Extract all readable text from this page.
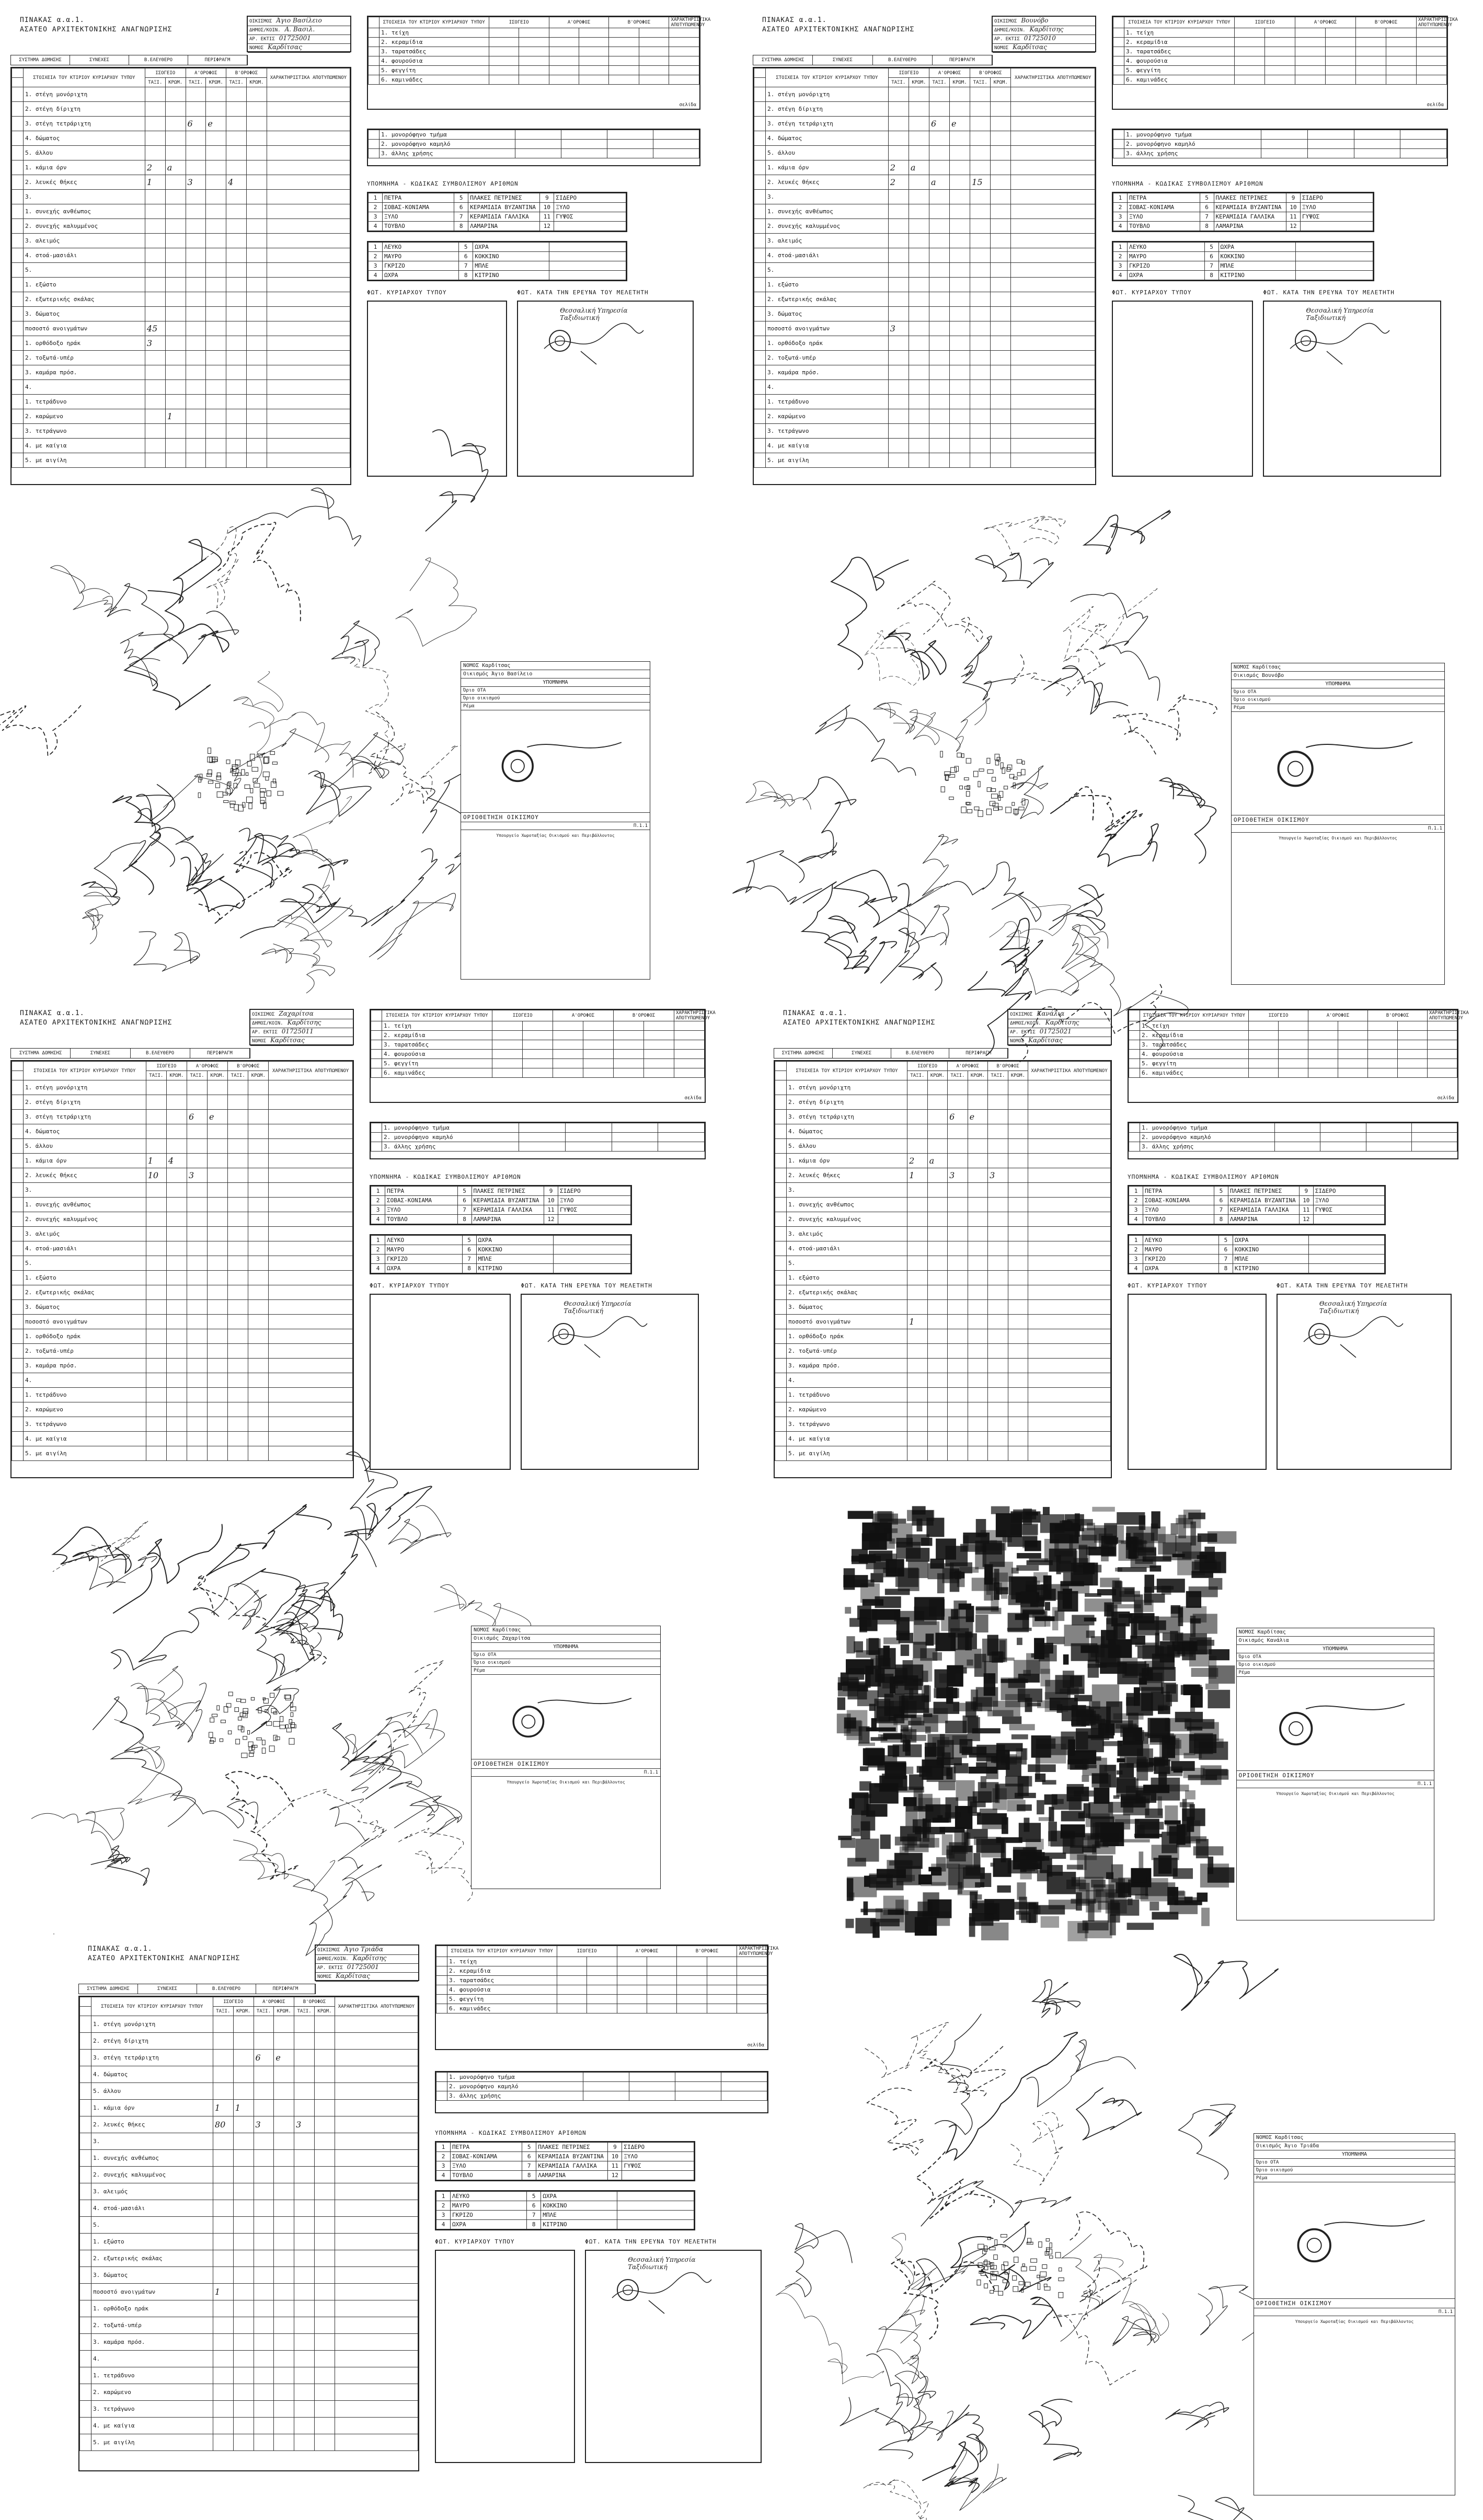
ΠΙΝΑΚΑΣ α.α.1.
ΑΣΑΤΕΟ ΑΡΧΙΤΕΚΤΟΝΙΚΗΣ ΑΝΑΓΝΩΡΙΣΗΣ
ΟΙΚΙΣΜΟΣ Άγιο Βασίλειο
ΔΗΜΟΣ/ΚΟΙΝ. Α. Βασιλ.
ΑΡ. ΕΚΤΙΣ 01725001
ΝΟΜΟΣ Καρδίτσας
ΣΥΣΤΗΜΑ ΔΟΜΗΣΗΣ	ΣΥΝΕΧΕΣ	Β.ΕΛΕΥΘΕΡΟ	ΠΕΡΙΦΡΑΓΜ
	ΣΤΟΙΧΕΙΑ ΤΟΥ ΚΤΙΡΙΟΥ ΚΥΡΙΑΡΧΟΥ ΤΥΠΟΥ	ΙΣΟΓΕΙΟ		Α'ΟΡΟΦΟΣ		Β'ΟΡΟΦΟΣ		ΧΑΡΑΚΤΗΡΙΣΤΙΚΑ ΑΠΟΤΥΠΩΜΕΝΟΥ
		ΤΑΞΙ.	ΚΡΩΜ.	ΤΑΞΙ.	ΚΡΩΜ.	ΤΑΞΙ.	ΚΡΩΜ.	
	1. στέγη μονόριχτη							
	2. στέγη δίριχτη							
	3. στέγη τετράριχτη			6	e			
	4. δώματος							
	5. άλλου							
	1. κάμια όρν	2	a					
	2. λευκές θήκες	1		3		4		
	3.							
	1. συνεχής ανθέωπος							
	2. συνεχής καλυμμένος							
	3. αλειμός							
	4. στοά-μασιάλι							
	5.							
	1. εξώστο							
	2. εξωτερικής σκάλας							
	3. δώματος							
	ποσοστό ανοιγμάτων	45						
	1. ορθόδοξο ηράκ	3						
	2. τοξωτά-υπέρ							
	3. καμάρα πρόσ.							
	4.							
	1. τετράδυνο							
	2. καρώμενο		1					
	3. τετράγωνο							
	4. με καίγια							
	5. με αιγίλη							
	ΣΤΟΙΧΕΙΑ ΤΟΥ ΚΤΙΡΙΟΥ ΚΥΡΙΑΡΧΟΥ ΤΥΠΟΥ	ΙΣΟΓΕΙΟ		Α'ΟΡΟΦΟΣ		Β'ΟΡΟΦΟΣ		ΧΑΡΑΚΤΗΡΙΣΤΙΚΑ ΑΠΟΤΥΠΩΜΕΝΟΥ
	1. τείχη							
	2. κεραμίδια							
	3. ταρατσάδες							
	4. φουρούσια							
	5. φεγγίτη							
	6. καμινάδες							
σελίδα
	1. μονορόφηνο τμήμα				
	2. μονορόφηνο καμηλό				
	3. άλλης χρήσης				
ΥΠΟΜΝΗΜΑ - ΚΩΔΙΚΑΣ ΣΥΜΒΟΛΙΣΜΟΥ ΑΡΙΘΜΩΝ
1	ΠΕΤΡΑ	5	ΠΛΑΚΕΣ ΠΕΤΡΙΝΕΣ	9	ΣΙΔΕΡΟ
2	ΣΟΒΑΣ-ΚΟΝΙΑΜΑ	6	ΚΕΡΑΜΙΔΙΑ ΒΥΖΑΝΤΙΝΑ	10	ΞΥΛΟ
3	ΞΥΛΟ	7	ΚΕΡΑΜΙΔΙΑ ΓΑΛΛΙΚΑ	11	ΓΥΨΟΣ
4	ΤΟΥΒΛΟ	8	ΛΑΜΑΡΙΝΑ	12	
1	ΛΕΥΚΟ	5	ΩΧΡΑ	
2	ΜΑΥΡΟ	6	ΚΟΚΚΙΝΟ	
3	ΓΚΡΙΖΟ	7	ΜΠΛΕ	
4	ΩΧΡΑ	8	ΚΙΤΡΙΝΟ	
ΦΩΤ. ΚΥΡΙΑΡΧΟΥ ΤΥΠΟΥ	ΦΩΤ. ΚΑΤΑ ΤΗΝ ΕΡΕΥΝΑ ΤΟΥ ΜΕΛΕΤΗΤΗ
Θεσσαλική Υπηρεσία Ταξιδιωτική
ΠΙΝΑΚΑΣ α.α.1.
ΑΣΑΤΕΟ ΑΡΧΙΤΕΚΤΟΝΙΚΗΣ ΑΝΑΓΝΩΡΙΣΗΣ
ΟΙΚΙΣΜΟΣ Βουνόβο
ΔΗΜΟΣ/ΚΟΙΝ. Καρδίτσης
ΑΡ. ΕΚΤΙΣ 01725010
ΝΟΜΟΣ Καρδίτσας
ΣΥΣΤΗΜΑ ΔΟΜΗΣΗΣ	ΣΥΝΕΧΕΣ	Β.ΕΛΕΥΘΕΡΟ	ΠΕΡΙΦΡΑΓΜ
	ΣΤΟΙΧΕΙΑ ΤΟΥ ΚΤΙΡΙΟΥ ΚΥΡΙΑΡΧΟΥ ΤΥΠΟΥ	ΙΣΟΓΕΙΟ		Α'ΟΡΟΦΟΣ		Β'ΟΡΟΦΟΣ		ΧΑΡΑΚΤΗΡΙΣΤΙΚΑ ΑΠΟΤΥΠΩΜΕΝΟΥ
		ΤΑΞΙ.	ΚΡΩΜ.	ΤΑΞΙ.	ΚΡΩΜ.	ΤΑΞΙ.	ΚΡΩΜ.	
	1. στέγη μονόριχτη							
	2. στέγη δίριχτη							
	3. στέγη τετράριχτη			6	e			
	4. δώματος							
	5. άλλου							
	1. κάμια όρν	2	a					
	2. λευκές θήκες	2		a		15		
	3.							
	1. συνεχής ανθέωπος							
	2. συνεχής καλυμμένος							
	3. αλειμός							
	4. στοά-μασιάλι							
	5.							
	1. εξώστο							
	2. εξωτερικής σκάλας							
	3. δώματος							
	ποσοστό ανοιγμάτων	3						
	1. ορθόδοξο ηράκ							
	2. τοξωτά-υπέρ							
	3. καμάρα πρόσ.							
	4.							
	1. τετράδυνο							
	2. καρώμενο							
	3. τετράγωνο							
	4. με καίγια							
	5. με αιγίλη							
	ΣΤΟΙΧΕΙΑ ΤΟΥ ΚΤΙΡΙΟΥ ΚΥΡΙΑΡΧΟΥ ΤΥΠΟΥ	ΙΣΟΓΕΙΟ		Α'ΟΡΟΦΟΣ		Β'ΟΡΟΦΟΣ		ΧΑΡΑΚΤΗΡΙΣΤΙΚΑ ΑΠΟΤΥΠΩΜΕΝΟΥ
	1. τείχη							
	2. κεραμίδια							
	3. ταρατσάδες							
	4. φουρούσια							
	5. φεγγίτη							
	6. καμινάδες							
σελίδα
	1. μονορόφηνο τμήμα				
	2. μονορόφηνο καμηλό				
	3. άλλης χρήσης				
ΥΠΟΜΝΗΜΑ - ΚΩΔΙΚΑΣ ΣΥΜΒΟΛΙΣΜΟΥ ΑΡΙΘΜΩΝ
1	ΠΕΤΡΑ	5	ΠΛΑΚΕΣ ΠΕΤΡΙΝΕΣ	9	ΣΙΔΕΡΟ
2	ΣΟΒΑΣ-ΚΟΝΙΑΜΑ	6	ΚΕΡΑΜΙΔΙΑ ΒΥΖΑΝΤΙΝΑ	10	ΞΥΛΟ
3	ΞΥΛΟ	7	ΚΕΡΑΜΙΔΙΑ ΓΑΛΛΙΚΑ	11	ΓΥΨΟΣ
4	ΤΟΥΒΛΟ	8	ΛΑΜΑΡΙΝΑ	12	
1	ΛΕΥΚΟ	5	ΩΧΡΑ	
2	ΜΑΥΡΟ	6	ΚΟΚΚΙΝΟ	
3	ΓΚΡΙΖΟ	7	ΜΠΛΕ	
4	ΩΧΡΑ	8	ΚΙΤΡΙΝΟ	
ΦΩΤ. ΚΥΡΙΑΡΧΟΥ ΤΥΠΟΥ	ΦΩΤ. ΚΑΤΑ ΤΗΝ ΕΡΕΥΝΑ ΤΟΥ ΜΕΛΕΤΗΤΗ
Θεσσαλική Υπηρεσία Ταξιδιωτική
ΠΙΝΑΚΑΣ α.α.1.
ΑΣΑΤΕΟ ΑΡΧΙΤΕΚΤΟΝΙΚΗΣ ΑΝΑΓΝΩΡΙΣΗΣ
ΟΙΚΙΣΜΟΣ Ζαχαρίτσα
ΔΗΜΟΣ/ΚΟΙΝ. Καρδίτσης
ΑΡ. ΕΚΤΙΣ 01725011
ΝΟΜΟΣ Καρδίτσας
ΣΥΣΤΗΜΑ ΔΟΜΗΣΗΣ	ΣΥΝΕΧΕΣ	Β.ΕΛΕΥΘΕΡΟ	ΠΕΡΙΦΡΑΓΜ
	ΣΤΟΙΧΕΙΑ ΤΟΥ ΚΤΙΡΙΟΥ ΚΥΡΙΑΡΧΟΥ ΤΥΠΟΥ	ΙΣΟΓΕΙΟ		Α'ΟΡΟΦΟΣ		Β'ΟΡΟΦΟΣ		ΧΑΡΑΚΤΗΡΙΣΤΙΚΑ ΑΠΟΤΥΠΩΜΕΝΟΥ
		ΤΑΞΙ.	ΚΡΩΜ.	ΤΑΞΙ.	ΚΡΩΜ.	ΤΑΞΙ.	ΚΡΩΜ.	
	1. στέγη μονόριχτη							
	2. στέγη δίριχτη							
	3. στέγη τετράριχτη			6	e			
	4. δώματος							
	5. άλλου							
	1. κάμια όρν	1	4					
	2. λευκές θήκες	10		3				
	3.							
	1. συνεχής ανθέωπος							
	2. συνεχής καλυμμένος							
	3. αλειμός							
	4. στοά-μασιάλι							
	5.							
	1. εξώστο							
	2. εξωτερικής σκάλας							
	3. δώματος							
	ποσοστό ανοιγμάτων							
	1. ορθόδοξο ηράκ							
	2. τοξωτά-υπέρ							
	3. καμάρα πρόσ.							
	4.							
	1. τετράδυνο							
	2. καρώμενο							
	3. τετράγωνο							
	4. με καίγια							
	5. με αιγίλη							
	ΣΤΟΙΧΕΙΑ ΤΟΥ ΚΤΙΡΙΟΥ ΚΥΡΙΑΡΧΟΥ ΤΥΠΟΥ	ΙΣΟΓΕΙΟ		Α'ΟΡΟΦΟΣ		Β'ΟΡΟΦΟΣ		ΧΑΡΑΚΤΗΡΙΣΤΙΚΑ ΑΠΟΤΥΠΩΜΕΝΟΥ
	1. τείχη							
	2. κεραμίδια							
	3. ταρατσάδες							
	4. φουρούσια							
	5. φεγγίτη							
	6. καμινάδες							
σελίδα
	1. μονορόφηνο τμήμα				
	2. μονορόφηνο καμηλό				
	3. άλλης χρήσης				
ΥΠΟΜΝΗΜΑ - ΚΩΔΙΚΑΣ ΣΥΜΒΟΛΙΣΜΟΥ ΑΡΙΘΜΩΝ
1	ΠΕΤΡΑ	5	ΠΛΑΚΕΣ ΠΕΤΡΙΝΕΣ	9	ΣΙΔΕΡΟ
2	ΣΟΒΑΣ-ΚΟΝΙΑΜΑ	6	ΚΕΡΑΜΙΔΙΑ ΒΥΖΑΝΤΙΝΑ	10	ΞΥΛΟ
3	ΞΥΛΟ	7	ΚΕΡΑΜΙΔΙΑ ΓΑΛΛΙΚΑ	11	ΓΥΨΟΣ
4	ΤΟΥΒΛΟ	8	ΛΑΜΑΡΙΝΑ	12	
1	ΛΕΥΚΟ	5	ΩΧΡΑ	
2	ΜΑΥΡΟ	6	ΚΟΚΚΙΝΟ	
3	ΓΚΡΙΖΟ	7	ΜΠΛΕ	
4	ΩΧΡΑ	8	ΚΙΤΡΙΝΟ	
ΦΩΤ. ΚΥΡΙΑΡΧΟΥ ΤΥΠΟΥ	ΦΩΤ. ΚΑΤΑ ΤΗΝ ΕΡΕΥΝΑ ΤΟΥ ΜΕΛΕΤΗΤΗ
Θεσσαλική Υπηρεσία Ταξιδιωτική
ΠΙΝΑΚΑΣ α.α.1.
ΑΣΑΤΕΟ ΑΡΧΙΤΕΚΤΟΝΙΚΗΣ ΑΝΑΓΝΩΡΙΣΗΣ
ΟΙΚΙΣΜΟΣ Κανάλια
ΔΗΜΟΣ/ΚΟΙΝ. Καρδίτσης
ΑΡ. ΕΚΤΙΣ 01725021
ΝΟΜΟΣ Καρδίτσας
ΣΥΣΤΗΜΑ ΔΟΜΗΣΗΣ	ΣΥΝΕΧΕΣ	Β.ΕΛΕΥΘΕΡΟ	ΠΕΡΙΦΡΑΓΜ
	ΣΤΟΙΧΕΙΑ ΤΟΥ ΚΤΙΡΙΟΥ ΚΥΡΙΑΡΧΟΥ ΤΥΠΟΥ	ΙΣΟΓΕΙΟ		Α'ΟΡΟΦΟΣ		Β'ΟΡΟΦΟΣ		ΧΑΡΑΚΤΗΡΙΣΤΙΚΑ ΑΠΟΤΥΠΩΜΕΝΟΥ
		ΤΑΞΙ.	ΚΡΩΜ.	ΤΑΞΙ.	ΚΡΩΜ.	ΤΑΞΙ.	ΚΡΩΜ.	
	1. στέγη μονόριχτη							
	2. στέγη δίριχτη							
	3. στέγη τετράριχτη			6	e			
	4. δώματος							
	5. άλλου							
	1. κάμια όρν	2	a					
	2. λευκές θήκες	1		3		3		
	3.							
	1. συνεχής ανθέωπος							
	2. συνεχής καλυμμένος							
	3. αλειμός							
	4. στοά-μασιάλι							
	5.							
	1. εξώστο							
	2. εξωτερικής σκάλας							
	3. δώματος							
	ποσοστό ανοιγμάτων	1						
	1. ορθόδοξο ηράκ							
	2. τοξωτά-υπέρ							
	3. καμάρα πρόσ.							
	4.							
	1. τετράδυνο							
	2. καρώμενο							
	3. τετράγωνο							
	4. με καίγια							
	5. με αιγίλη							
	ΣΤΟΙΧΕΙΑ ΤΟΥ ΚΤΙΡΙΟΥ ΚΥΡΙΑΡΧΟΥ ΤΥΠΟΥ	ΙΣΟΓΕΙΟ		Α'ΟΡΟΦΟΣ		Β'ΟΡΟΦΟΣ		ΧΑΡΑΚΤΗΡΙΣΤΙΚΑ ΑΠΟΤΥΠΩΜΕΝΟΥ
	1. τείχη							
	2. κεραμίδια							
	3. ταρατσάδες							
	4. φουρούσια							
	5. φεγγίτη							
	6. καμινάδες							
σελίδα
	1. μονορόφηνο τμήμα				
	2. μονορόφηνο καμηλό				
	3. άλλης χρήσης				
ΥΠΟΜΝΗΜΑ - ΚΩΔΙΚΑΣ ΣΥΜΒΟΛΙΣΜΟΥ ΑΡΙΘΜΩΝ
1	ΠΕΤΡΑ	5	ΠΛΑΚΕΣ ΠΕΤΡΙΝΕΣ	9	ΣΙΔΕΡΟ
2	ΣΟΒΑΣ-ΚΟΝΙΑΜΑ	6	ΚΕΡΑΜΙΔΙΑ ΒΥΖΑΝΤΙΝΑ	10	ΞΥΛΟ
3	ΞΥΛΟ	7	ΚΕΡΑΜΙΔΙΑ ΓΑΛΛΙΚΑ	11	ΓΥΨΟΣ
4	ΤΟΥΒΛΟ	8	ΛΑΜΑΡΙΝΑ	12	
1	ΛΕΥΚΟ	5	ΩΧΡΑ	
2	ΜΑΥΡΟ	6	ΚΟΚΚΙΝΟ	
3	ΓΚΡΙΖΟ	7	ΜΠΛΕ	
4	ΩΧΡΑ	8	ΚΙΤΡΙΝΟ	
ΦΩΤ. ΚΥΡΙΑΡΧΟΥ ΤΥΠΟΥ	ΦΩΤ. ΚΑΤΑ ΤΗΝ ΕΡΕΥΝΑ ΤΟΥ ΜΕΛΕΤΗΤΗ
Θεσσαλική Υπηρεσία Ταξιδιωτική
ΠΙΝΑΚΑΣ α.α.1.
ΑΣΑΤΕΟ ΑΡΧΙΤΕΚΤΟΝΙΚΗΣ ΑΝΑΓΝΩΡΙΣΗΣ
ΟΙΚΙΣΜΟΣ Άγιο Τριάδα
ΔΗΜΟΣ/ΚΟΙΝ. Καρδίτσης
ΑΡ. ΕΚΤΙΣ 01725001
ΝΟΜΟΣ Καρδίτσας
ΣΥΣΤΗΜΑ ΔΟΜΗΣΗΣ	ΣΥΝΕΧΕΣ	Β.ΕΛΕΥΘΕΡΟ	ΠΕΡΙΦΡΑΓΜ
	ΣΤΟΙΧΕΙΑ ΤΟΥ ΚΤΙΡΙΟΥ ΚΥΡΙΑΡΧΟΥ ΤΥΠΟΥ	ΙΣΟΓΕΙΟ		Α'ΟΡΟΦΟΣ		Β'ΟΡΟΦΟΣ		ΧΑΡΑΚΤΗΡΙΣΤΙΚΑ ΑΠΟΤΥΠΩΜΕΝΟΥ
		ΤΑΞΙ.	ΚΡΩΜ.	ΤΑΞΙ.	ΚΡΩΜ.	ΤΑΞΙ.	ΚΡΩΜ.	
	1. στέγη μονόριχτη							
	2. στέγη δίριχτη							
	3. στέγη τετράριχτη			6	e			
	4. δώματος							
	5. άλλου							
	1. κάμια όρν	1	1					
	2. λευκές θήκες	80		3		3		
	3.							
	1. συνεχής ανθέωπος							
	2. συνεχής καλυμμένος							
	3. αλειμός							
	4. στοά-μασιάλι							
	5.							
	1. εξώστο							
	2. εξωτερικής σκάλας							
	3. δώματος							
	ποσοστό ανοιγμάτων	1						
	1. ορθόδοξο ηράκ							
	2. τοξωτά-υπέρ							
	3. καμάρα πρόσ.							
	4.							
	1. τετράδυνο							
	2. καρώμενο							
	3. τετράγωνο							
	4. με καίγια							
	5. με αιγίλη							
	ΣΤΟΙΧΕΙΑ ΤΟΥ ΚΤΙΡΙΟΥ ΚΥΡΙΑΡΧΟΥ ΤΥΠΟΥ	ΙΣΟΓΕΙΟ		Α'ΟΡΟΦΟΣ		Β'ΟΡΟΦΟΣ		ΧΑΡΑΚΤΗΡΙΣΤΙΚΑ ΑΠΟΤΥΠΩΜΕΝΟΥ
	1. τείχη							
	2. κεραμίδια							
	3. ταρατσάδες							
	4. φουρούσια							
	5. φεγγίτη							
	6. καμινάδες							
σελίδα
	1. μονορόφηνο τμήμα				
	2. μονορόφηνο καμηλό				
	3. άλλης χρήσης				
ΥΠΟΜΝΗΜΑ - ΚΩΔΙΚΑΣ ΣΥΜΒΟΛΙΣΜΟΥ ΑΡΙΘΜΩΝ
1	ΠΕΤΡΑ	5	ΠΛΑΚΕΣ ΠΕΤΡΙΝΕΣ	9	ΣΙΔΕΡΟ
2	ΣΟΒΑΣ-ΚΟΝΙΑΜΑ	6	ΚΕΡΑΜΙΔΙΑ ΒΥΖΑΝΤΙΝΑ	10	ΞΥΛΟ
3	ΞΥΛΟ	7	ΚΕΡΑΜΙΔΙΑ ΓΑΛΛΙΚΑ	11	ΓΥΨΟΣ
4	ΤΟΥΒΛΟ	8	ΛΑΜΑΡΙΝΑ	12	
1	ΛΕΥΚΟ	5	ΩΧΡΑ	
2	ΜΑΥΡΟ	6	ΚΟΚΚΙΝΟ	
3	ΓΚΡΙΖΟ	7	ΜΠΛΕ	
4	ΩΧΡΑ	8	ΚΙΤΡΙΝΟ	
ΦΩΤ. ΚΥΡΙΑΡΧΟΥ ΤΥΠΟΥ	ΦΩΤ. ΚΑΤΑ ΤΗΝ ΕΡΕΥΝΑ ΤΟΥ ΜΕΛΕΤΗΤΗ
Θεσσαλική Υπηρεσία Ταξιδιωτική
ΝΟΜΟΣ Καρδίτσας
Οικισμός Άγιο Βασίλειο
ΥΠΟΜΝΗΜΑ
Όριο ΟΤΑ
Όριο οικισμού
Ρέμα
ΟΡΙΟΘΕΤΗΣΗ ΟΙΚΙΣΜΟΥ
Π.1.1
Υπουργείο Χωροταξίας Οικισμού και Περιβάλλοντος
ΝΟΜΟΣ Καρδίτσας
Οικισμός Βουνόβο
ΥΠΟΜΝΗΜΑ
Όριο ΟΤΑ
Όριο οικισμού
Ρέμα
ΟΡΙΟΘΕΤΗΣΗ ΟΙΚΙΣΜΟΥ
Π.1.1
Υπουργείο Χωροταξίας Οικισμού και Περιβάλλοντος
ΝΟΜΟΣ Καρδίτσας
Οικισμός Ζαχαρίτσα
ΥΠΟΜΝΗΜΑ
Όριο ΟΤΑ
Όριο οικισμού
Ρέμα
ΟΡΙΟΘΕΤΗΣΗ ΟΙΚΙΣΜΟΥ
Π.1.1
Υπουργείο Χωροταξίας Οικισμού και Περιβάλλοντος
ΝΟΜΟΣ Καρδίτσας
Οικισμός Κανάλια
ΥΠΟΜΝΗΜΑ
Όριο ΟΤΑ
Όριο οικισμού
Ρέμα
ΟΡΙΟΘΕΤΗΣΗ ΟΙΚΙΣΜΟΥ
Π.1.1
Υπουργείο Χωροταξίας Οικισμού και Περιβάλλοντος
ΝΟΜΟΣ Καρδίτσας
Οικισμός Άγιο Τριάδα
ΥΠΟΜΝΗΜΑ
Όριο ΟΤΑ
Όριο οικισμού
Ρέμα
ΟΡΙΟΘΕΤΗΣΗ ΟΙΚΙΣΜΟΥ
Π.1.1
Υπουργείο Χωροταξίας Οικισμού και Περιβάλλοντος
·
